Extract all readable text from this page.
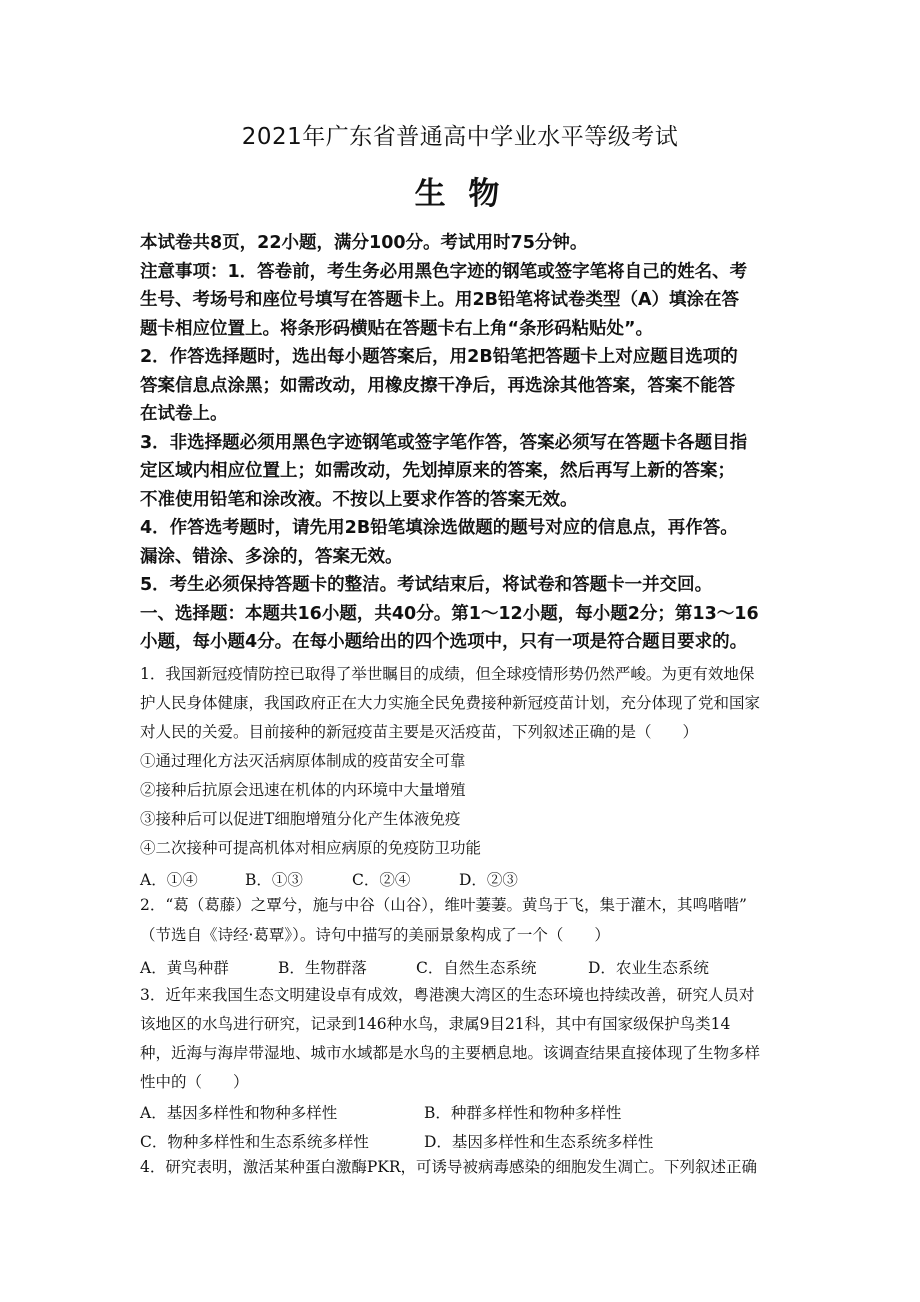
2021年广东省普通高中学业水平等级考试
生 物
本试卷共8页，22小题，满分100分。考试用时75分钟。
注意事项：1．答卷前，考生务必用黑色字迹的钢笔或签字笔将自己的姓名、考
生号、考场号和座位号填写在答题卡上。用2B铅笔将试卷类型（A）填涂在答
题卡相应位置上。将条形码横贴在答题卡右上角“条形码粘贴处”。
2．作答选择题时，选出每小题答案后，用2B铅笔把答题卡上对应题目选项的
答案信息点涂黑；如需改动，用橡皮擦干净后，再选涂其他答案，答案不能答
在试卷上。
3．非选择题必须用黑色字迹钢笔或签字笔作答，答案必须写在答题卡各题目指
定区域内相应位置上；如需改动，先划掉原来的答案，然后再写上新的答案；
不准使用铅笔和涂改液。不按以上要求作答的答案无效。
4．作答选考题时，请先用2B铅笔填涂选做题的题号对应的信息点，再作答。
漏涂、错涂、多涂的，答案无效。
5．考生必须保持答题卡的整洁。考试结束后，将试卷和答题卡一并交回。
一、选择题：本题共16小题，共40分。第1～12小题，每小题2分；第13～16
小题，每小题4分。在每小题给出的四个选项中，只有一项是符合题目要求的。
1．我国新冠疫情防控已取得了举世瞩目的成绩，但全球疫情形势仍然严峻。为更有效地保
护人民身体健康，我国政府正在大力实施全民免费接种新冠疫苗计划，充分体现了党和国家
对人民的关爱。目前接种的新冠疫苗主要是灭活疫苗，下列叙述正确的是（　　）
①通过理化方法灭活病原体制成的疫苗安全可靠
②接种后抗原会迅速在机体的内环境中大量增殖
③接种后可以促进T细胞增殖分化产生体液免疫
④二次接种可提高机体对相应病原的免疫防卫功能
A．①④	B．①③	C．②④	D．②③
2．“葛（葛藤）之覃兮，施与中谷（山谷），维叶萋萋。黄鸟于飞，集于灌木，其鸣喈喈”
（节选自《诗经·葛覃》）。诗句中描写的美丽景象构成了一个（　　）
A．黄鸟种群	B．生物群落	C．自然生态系统	D．农业生态系统
3．近年来我国生态文明建设卓有成效，粤港澳大湾区的生态环境也持续改善，研究人员对
该地区的水鸟进行研究，记录到146种水鸟，隶属9目21科，其中有国家级保护鸟类14
种，近海与海岸带湿地、城市水域都是水鸟的主要栖息地。该调查结果直接体现了生物多样
性中的（　　）
A．基因多样性和物种多样性	B．种群多样性和物种多样性
C．物种多样性和生态系统多样性	D．基因多样性和生态系统多样性
4．研究表明，激活某种蛋白激酶PKR，可诱导被病毒感染的细胞发生凋亡。下列叙述正确
